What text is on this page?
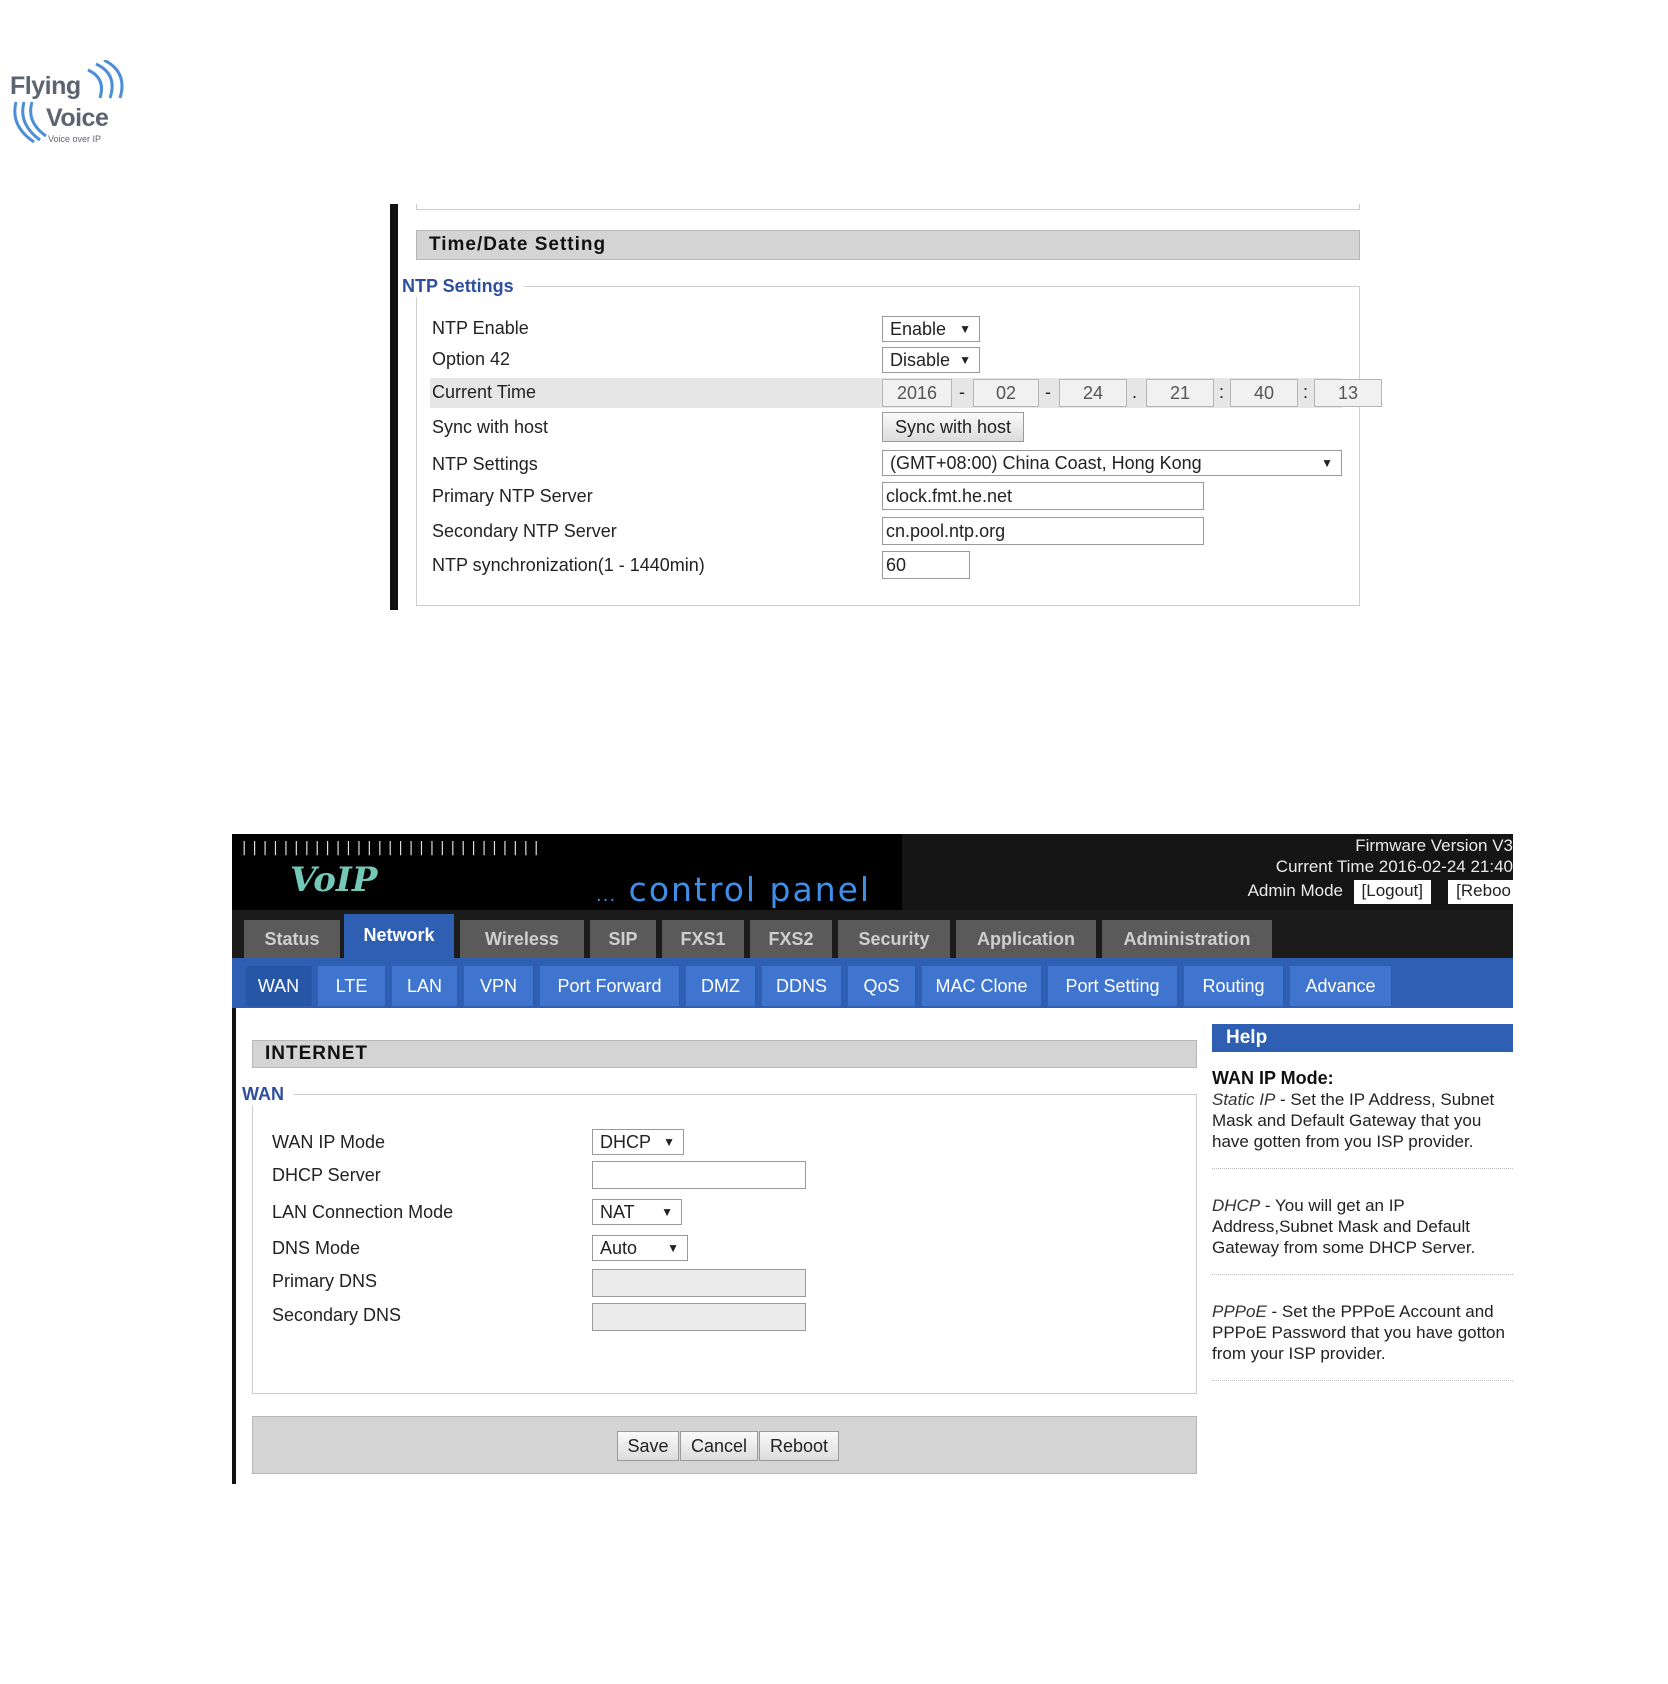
Flying
Voice
Voice over IP
Time/Date Setting
NTP Settings
NTP Enable	Enable ▼
Option 42	Disable ▼
Current Time	2016	-	02	-	24	.	21	:	40	:	13
Sync with host	Sync with host
NTP Settings	(GMT+08:00) China Coast, Hong Kong	▼
Primary NTP Server	clock.fmt.he.net
Secondary NTP Server	cn.pool.ntp.org
NTP synchronization(1 - 1440min)	60
|||||||||||||||||||||||||||||
VoIP	... control panel
Firmware Version V3
Current Time 2016-02-24 21:40
Admin Mode	[Logout]	[Reboo
Status	Network	Wireless	SIP	FXS1	FXS2	Security	Application	Administration
WAN	LTE	LAN	VPN	Port Forward	DMZ	DDNS	QoS	MAC Clone	Port Setting	Routing	Advance
INTERNET
WAN
WAN IP Mode	DHCP ▼
DHCP Server
LAN Connection Mode	NAT ▼
DNS Mode	Auto	▼
Primary DNS
Secondary DNS
Save	Cancel	Reboot
Help
WAN IP Mode:
Static IP - Set the IP Address, Subnet Mask and Default Gateway that you have gotten from you ISP provider.
DHCP - You will get an IP Address,Subnet Mask and Default Gateway from some DHCP Server.
PPPoE - Set the PPPoE Account and PPPoE Password that you have gotton from your ISP provider.
